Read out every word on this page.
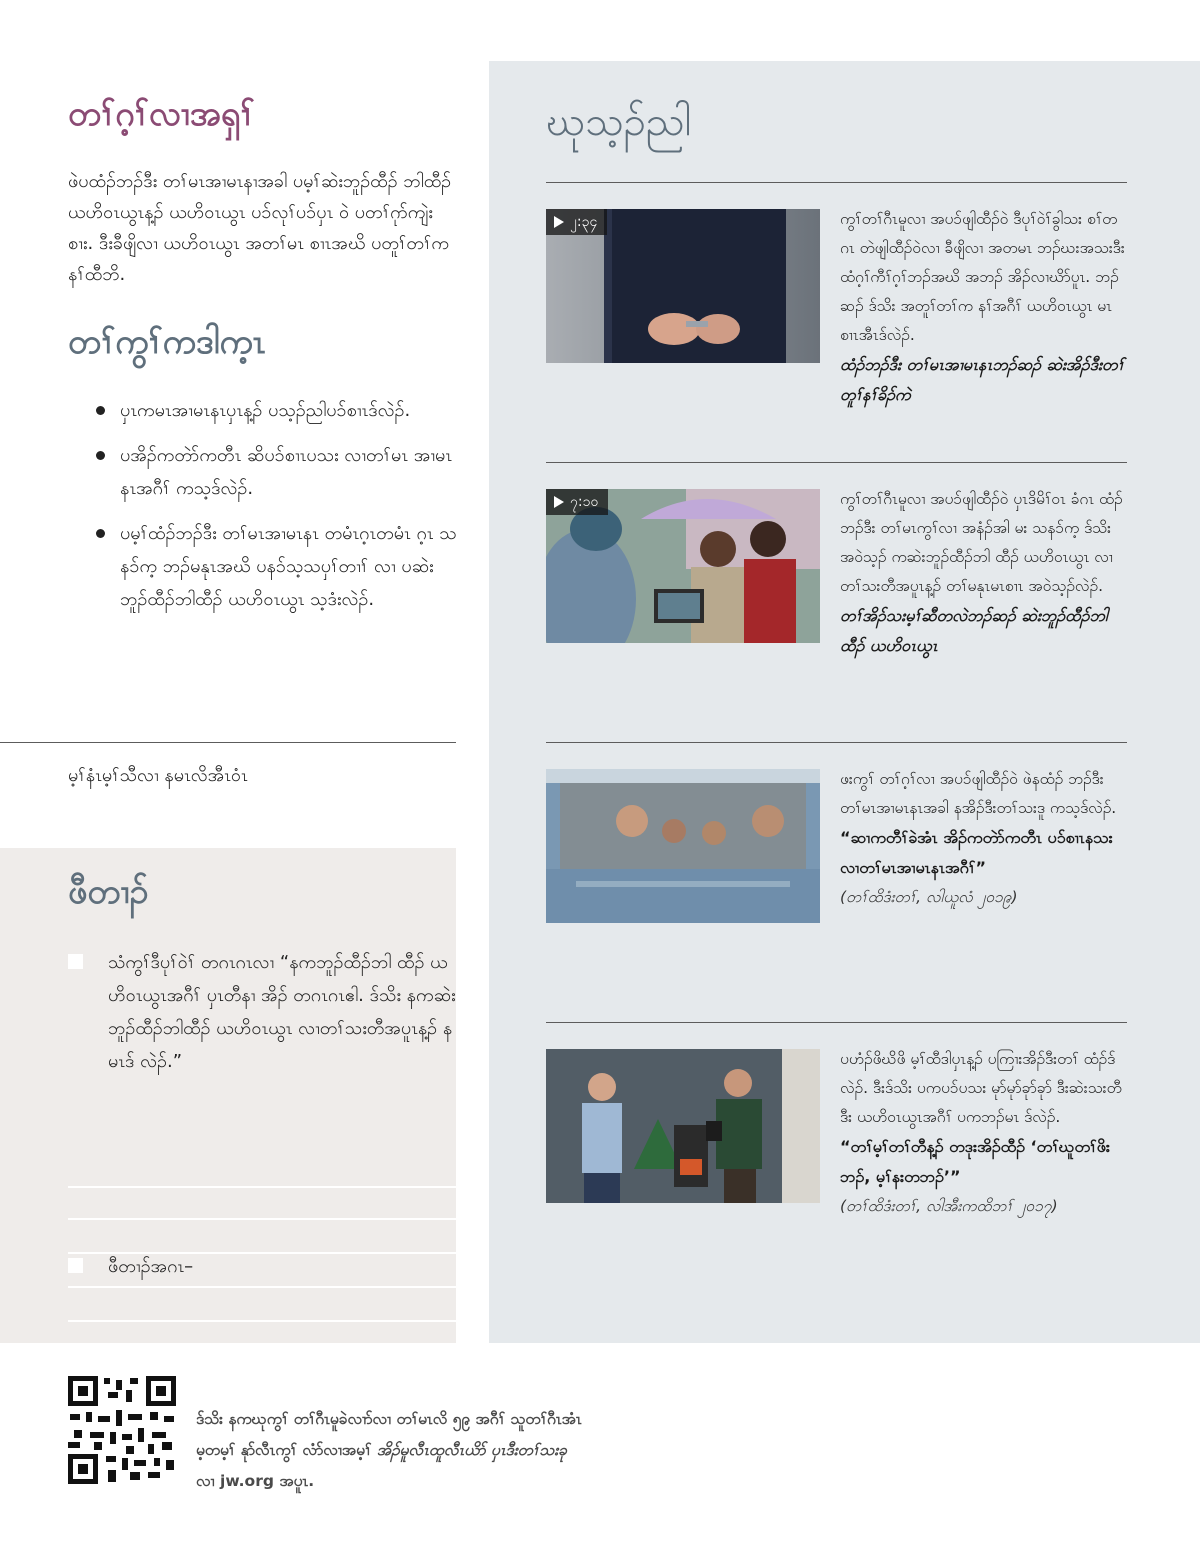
တၢ်ဂ့ၢ်လၢအရှၢ်
ဖဲပထံၣ်ဘၣ်ဒီး တၢ်မၤအၢမၤနၢအခါ ပမ့ၢ်ဆဲးဘူၣ်ထီၣ် ဘါထီၣ် ယဟိဝၤယွၤန့ၣ် ယဟိဝၤယွၤ ပၥ်လုၢ်ပၥ်ပှၤ ဝဲ ပတၢ်ဂုာ်ကျဲးစၢး. ဒီးခီဖျိလၢ ယဟိဝၤယွၤ အတၢ်မၤ စၢၤအဃိ ပတူၢ်တၢ်ကနၢ်ထီဘိ.
တၢ်ကွၢ်ကဒါက့ၤ
ပှၤကမၤအၢမၤနၤပှၤန့ၣ် ပသ့ၣ်ညါပၥ်စၢၤဒ်လဲၣ်.
ပအိၣ်ကတဲာ်ကတီၤ ဆိပၥ်စၢၤပသး လၢတၢ်မၤ အၢမၤနၤအဂီၢ် ကသ့ဒ်လဲၣ်.
ပမ့ၢ်ထံၣ်ဘၣ်ဒီး တၢ်မၤအၢမၤနၤ တမံၤဂ့ၤတမံၤ ဂ့ၤ သနၥ်က့ ဘၣ်မနုၤအဃိ ပနၥ်သ့သပှၢ်တၢၢ် လၢ ပဆဲးဘူၣ်ထီၣ်ဘါထီၣ် ယဟိဝၤယွၤ သ့ဒံးလဲၣ်.
မ့ၢ်နံၤမ့ၢ်သီလၢ နမၤလိအီၤဝံၤ
ဖီတၢၣ်
သံကွၢ်ဒီပုၢ်ဝဲၢ် တဂၤဂၤလၢ “နကဘူၣ်ထီၣ်ဘါ ထီၣ် ယဟိဝၤယွၤအဂီၢ် ပှၤတီနၢ အိၣ် တဂၤဂၤဧါ. ဒ်သိး နကဆဲး ဘူၣ်ထီၣ်ဘါထီၣ် ယဟိဝၤယွၤ လၢတၢ်သးတီအပူၤန့ၣ် နမၤဒ် လဲၣ်.”
ဖီတၢၣ်အဂၤ–
ဃုသ့ၣ်ညါ
၂:၃၄	ကွၢ်တၢ်ဂီၤမူလၢ အပၥ်ဖျါထီၣ်ဝဲ ဒီပုၢ်ဝဲၢ်ခွါသး စၢ်တဂၤ တဲဖျါထီၣ်ဝဲလၢ ခီဖျိလၢ အတမၤ ဘၣ်ဃးအသးဒီး ထံဂ့ၢ်ကီၢ်ဂ့ၢ်ဘၣ်အဃိ အဘၣ် အိၣ်လၢဃိာ်ပူၤ. ဘၣ်ဆၣ် ဒ်သိး အတူၢ်တၢ်က နၢ်အဂီၢ် ယဟိဝၤယွၤ မၤစၢၤအီၤဒ်လဲၣ်.
ထံၣ်ဘၣ်ဒီး တၢ်မၤအၢမၤနၤဘၣ်ဆၣ် ဆဲးအိၣ်ဒီးတၢ်တူၢ်နၢ်ခိၣ်ကဲ
၇:၁၀	ကွၢ်တၢ်ဂီၤမူလၢ အပၥ်ဖျါထီၣ်ဝဲ ပှၤဒိမိၢ်ဝၤ ခံဂၤ ထံၣ်ဘၣ်ဒီး တၢ်မၤကွၢ်လၢ အနံၣ်အါ မး သနၥ်က့ ဒ်သိး အဝဲသ့ၣ် ကဆဲးဘူၣ်ထီၣ်ဘါ ထီၣ် ယဟိဝၤယွၤ လၢတၢ်သးတီအပူၤန့ၣ် တၢ်မနုၤမၤစၢၤ အဝဲသ့ၣ်လဲၣ်.
တၢ်အိၣ်သးမ့ၢ်ဆီတလဲဘၣ်ဆၣ် ဆဲးဘူၣ်ထီၣ်ဘါထီၣ် ယဟိဝၤယွၤ
ဖးကွၢ် တၢ်ဂ့ၢ်လၢ အပၥ်ဖျါထီၣ်ဝဲ ဖဲနထံၣ် ဘၣ်ဒီး တၢ်မၤအၢမၤနၤအခါ နအိၣ်ဒီးတၢ်သးဒူ ကသ့ဒ်လဲၣ်.
“ဆၢကတီၢ်ခဲအံၤ အိၣ်ကတဲာ်ကတီၤ ပၥ်စၢၤနသး လၢတၢ်မၤအၢမၤနၤအဂီၢ်”
(တၢ်ထိဒံးတၢ်, လါယူလံ ၂၀၁၉)
ပဟံၣ်ဖိဃိဖိ မ့ၢ်ထီဒါပှၤန့ၣ် ပကြၢးအိၣ်ဒီးတၢ် ထံၣ်ဒ်လဲၣ်. ဒီးဒ်သိး ပကပၥ်ပသး မုာ်မုာ်ခုာ်ခုာ် ဒီးဆဲးသးတီဒီး ယဟိဝၤယွၤအဂီၢ် ပကဘၣ်မၤ ဒ်လဲၣ်.
“တၢ်မ့ၢ်တၢ်တီန့ၣ် တဒုးအိၣ်ထီၣ် ‘တၢ်ဃူတၢ်ဖိးဘၣ်, မ့ၢ်နးတဘၣ်’”
(တၢ်ထိဒံးတၢ်, လါအီးကထိဘၢ် ၂၀၁၇)
ဒ်သိး နကဃုကွၢ် တၢ်ဂီၤမူခဲလၢာ်လၢ တၢ်မၤလိ ၅၉ အဂီၢ် သူတၢ်ဂီၤအံၤ
မ့တမ့ၢ် နုာ်လီၤကွၢ် လံာ်လၢအမ့ၢ် အိၣ်မူလီၤထူလီၤယိာ် ပှၤဒီးတၢ်သးခု
လၢ jw.org အပူၤ.
